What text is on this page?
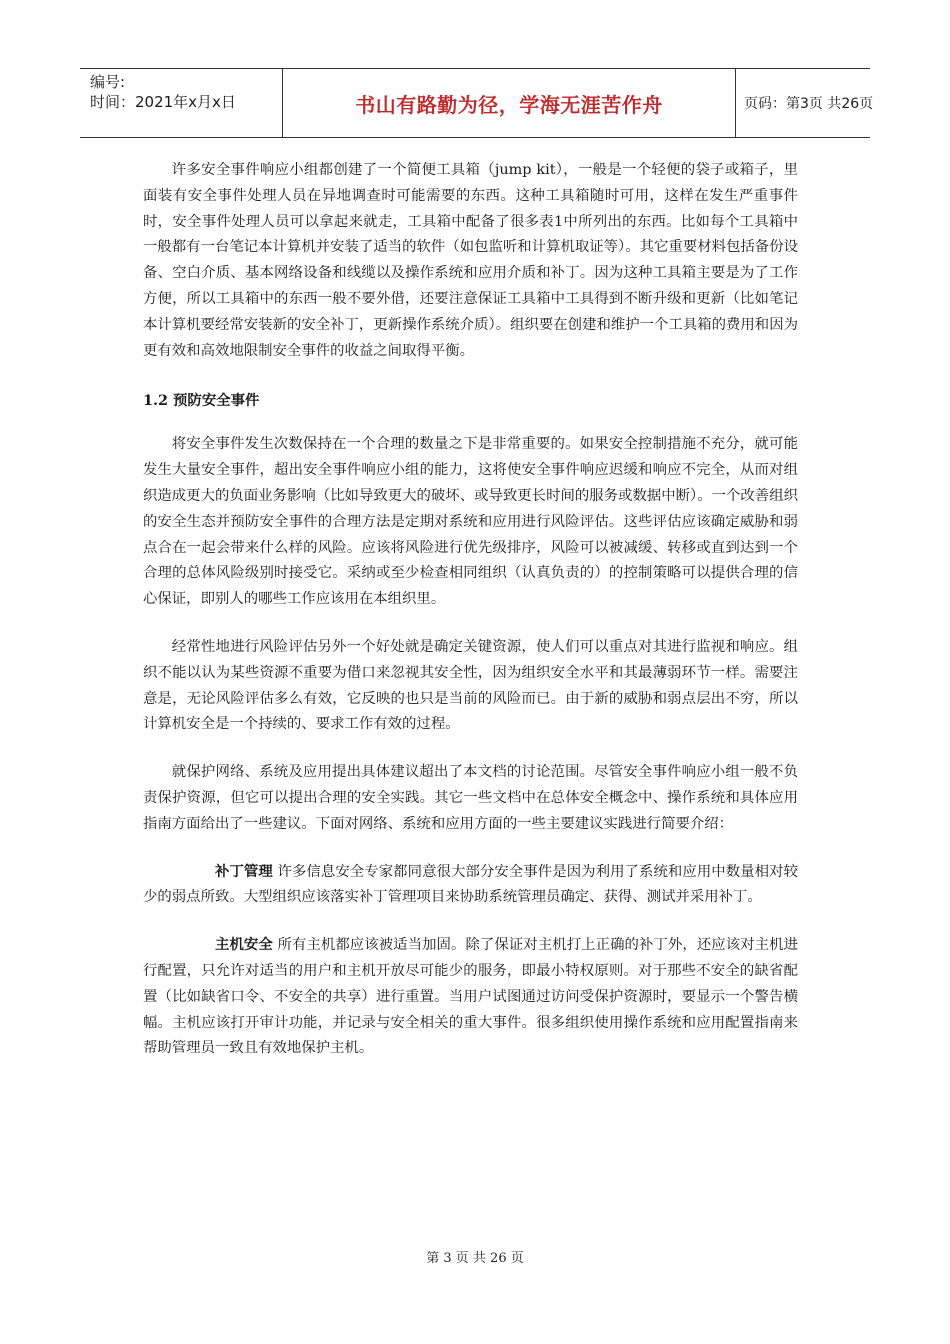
编号:
时间：2021年x月x日	书山有路勤为径，学海无涯苦作舟	页码：第3页 共26页

许多安全事件响应小组都创建了一个简便工具箱（jump kit），一般是一个轻便的袋子或箱子，里面装有安全事件处理人员在异地调查时可能需要的东西。这种工具箱随时可用，这样在发生严重事件时，安全事件处理人员可以拿起来就走，工具箱中配备了很多表1中所列出的东西。比如每个工具箱中一般都有一台笔记本计算机并安装了适当的软件（如包监听和计算机取证等）。其它重要材料包括备份设备、空白介质、基本网络设备和线缆以及操作系统和应用介质和补丁。因为这种工具箱主要是为了工作方便，所以工具箱中的东西一般不要外借，还要注意保证工具箱中工具得到不断升级和更新（比如笔记本计算机要经常安装新的安全补丁，更新操作系统介质）。组织要在创建和维护一个工具箱的费用和因为更有效和高效地限制安全事件的收益之间取得平衡。

1.2 预防安全事件

将安全事件发生次数保持在一个合理的数量之下是非常重要的。如果安全控制措施不充分，就可能发生大量安全事件，超出安全事件响应小组的能力，这将使安全事件响应迟缓和响应不完全，从而对组织造成更大的负面业务影响（比如导致更大的破坏、或导致更长时间的服务或数据中断）。一个改善组织的安全生态并预防安全事件的合理方法是定期对系统和应用进行风险评估。这些评估应该确定威胁和弱点合在一起会带来什么样的风险。应该将风险进行优先级排序，风险可以被减缓、转移或直到达到一个合理的总体风险级别时接受它。采纳或至少检查相同组织（认真负责的）的控制策略可以提供合理的信心保证，即别人的哪些工作应该用在本组织里。

经常性地进行风险评估另外一个好处就是确定关键资源，使人们可以重点对其进行监视和响应。组织不能以认为某些资源不重要为借口来忽视其安全性，因为组织安全水平和其最薄弱环节一样。需要注意是，无论风险评估多么有效，它反映的也只是当前的风险而已。由于新的威胁和弱点层出不穷，所以计算机安全是一个持续的、要求工作有效的过程。

就保护网络、系统及应用提出具体建议超出了本文档的讨论范围。尽管安全事件响应小组一般不负责保护资源，但它可以提出合理的安全实践。其它一些文档中在总体安全概念中、操作系统和具体应用指南方面给出了一些建议。下面对网络、系统和应用方面的一些主要建议实践进行简要介绍：

补丁管理 许多信息安全专家都同意很大部分安全事件是因为利用了系统和应用中数量相对较少的弱点所致。大型组织应该落实补丁管理项目来协助系统管理员确定、获得、测试并采用补丁。

主机安全 所有主机都应该被适当加固。除了保证对主机打上正确的补丁外，还应该对主机进行配置，只允许对适当的用户和主机开放尽可能少的服务，即最小特权原则。对于那些不安全的缺省配置（比如缺省口令、不安全的共享）进行重置。当用户试图通过访问受保护资源时，要显示一个警告横幅。主机应该打开审计功能，并记录与安全相关的重大事件。很多组织使用操作系统和应用配置指南来帮助管理员一致且有效地保护主机。

第 3 页 共 26 页
